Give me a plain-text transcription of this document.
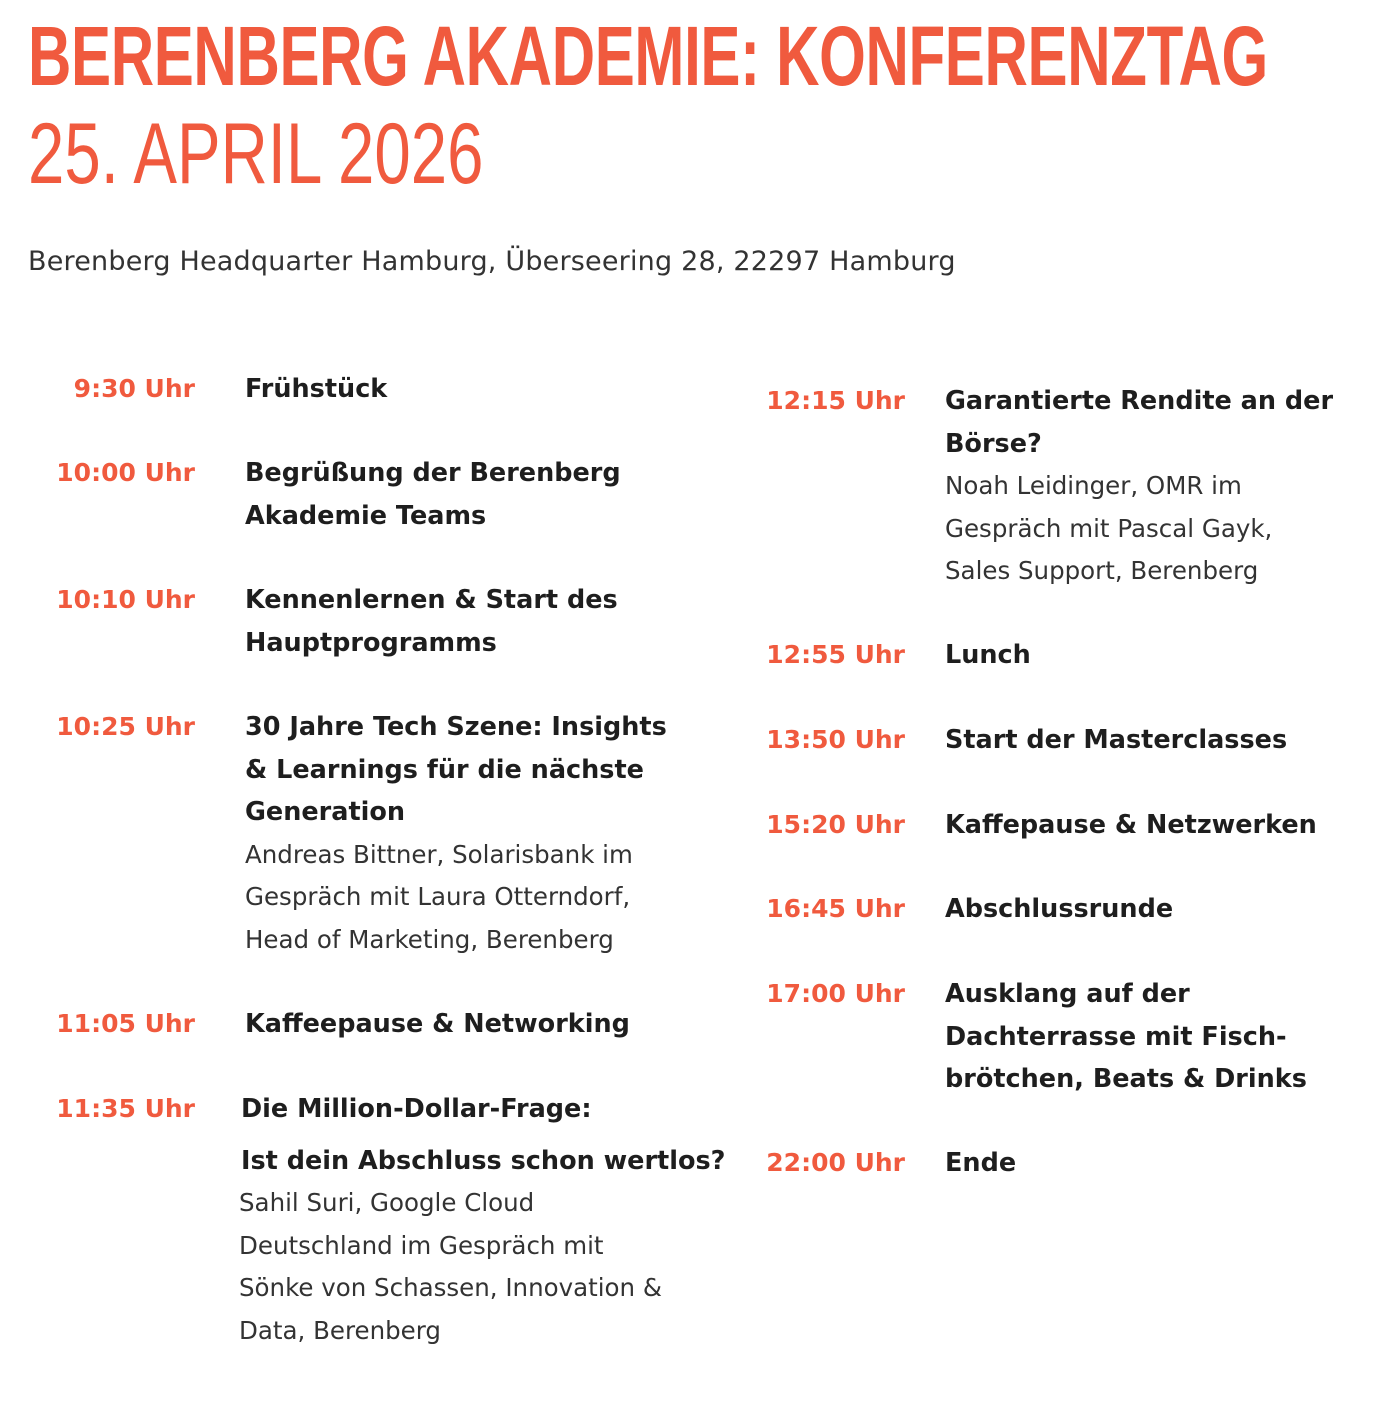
BERENBERG AKADEMIE: KONFERENZTAG
25. APRIL 2026
Berenberg Headquarter Hamburg, Überseering 28, 22297 Hamburg
9:30 Uhr Frühstück
10:00 Uhr Begrüßung der Berenberg
Akademie Teams
10:10 Uhr Kennenlernen & Start des
Hauptprogramms
10:25 Uhr 30 Jahre Tech Szene: Insights
& Learnings für die nächste
Generation
Andreas Bittner, Solarisbank im
Gespräch mit Laura Otterndorf,
Head of Marketing, Berenberg
11:05 Uhr Kaffeepause & Networking
11:35 Uhr Die Million-Dollar-Frage:
Ist dein Abschluss schon wertlos?
Sahil Suri, Google Cloud
Deutschland im Gespräch mit
Sönke von Schassen, Innovation &
Data, Berenberg
12:15 Uhr Garantierte Rendite an der
Börse?
Noah Leidinger, OMR im
Gespräch mit Pascal Gayk,
Sales Support, Berenberg
12:55 Uhr Lunch
13:50 Uhr Start der Masterclasses
15:20 Uhr Kaffepause & Netzwerken
16:45 Uhr Abschlussrunde
17:00 Uhr Ausklang auf der
Dachterrasse mit Fisch-
brötchen, Beats & Drinks
22:00 Uhr Ende
